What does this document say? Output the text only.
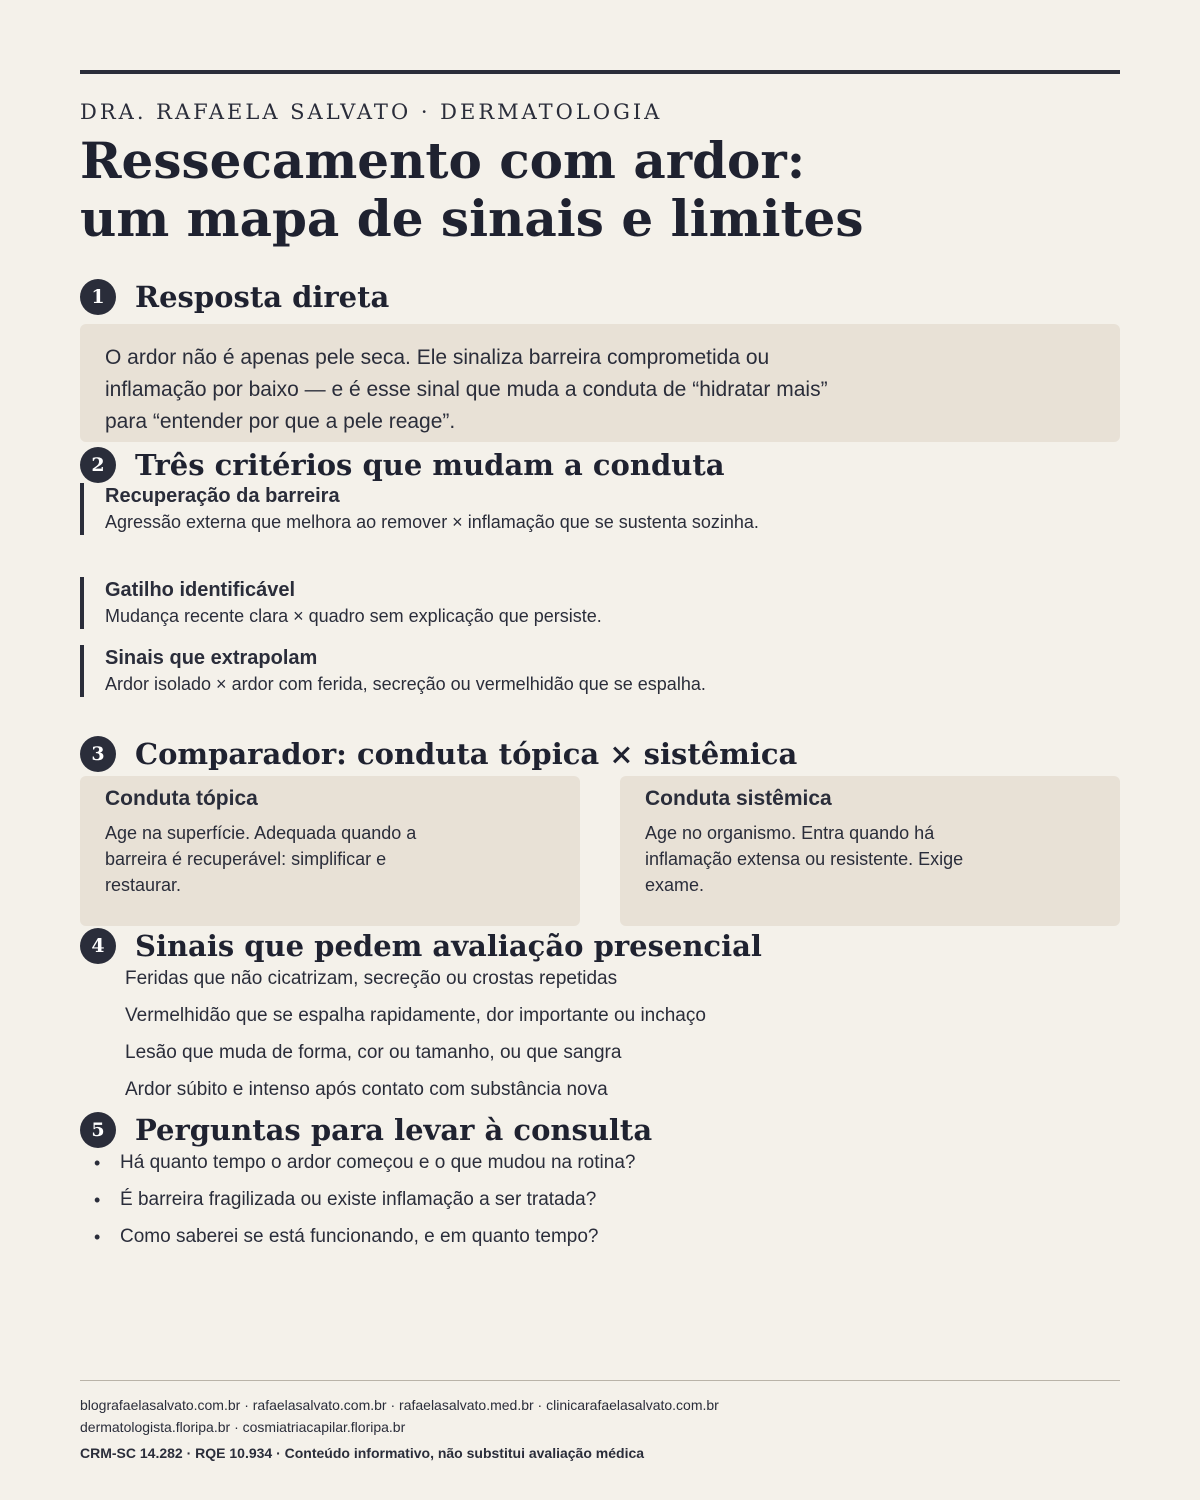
DRA. RAFAELA SALVATO · DERMATOLOGIA
Ressecamento com ardor:
um mapa de sinais e limites
1	Resposta direta

O ardor não é apenas pele seca. Ele sinaliza barreira comprometida ou inflamação por baixo — e é esse sinal que muda a conduta de “hidratar mais” para “entender por que a pele reage”.

2	Três critérios que mudam a conduta
Recuperação da barreira
Agressão externa que melhora ao remover × inflamação que se sustenta sozinha.
Gatilho identificável
Mudança recente clara × quadro sem explicação que persiste.
Sinais que extrapolam
Ardor isolado × ardor com ferida, secreção ou vermelhidão que se espalha.
3	Comparador: conduta tópica × sistêmica
Conduta tópica
Age na superfície. Adequada quando a barreira é recuperável: simplificar e restaurar.
Conduta sistêmica
Age no organismo. Entra quando há inflamação extensa ou resistente. Exige exame.
4	Sinais que pedem avaliação presencial
Feridas que não cicatrizam, secreção ou crostas repetidas
Vermelhidão que se espalha rapidamente, dor importante ou inchaço
Lesão que muda de forma, cor ou tamanho, ou que sangra
Ardor súbito e intenso após contato com substância nova
5	Perguntas para levar à consulta
•	Há quanto tempo o ardor começou e o que mudou na rotina?
•	É barreira fragilizada ou existe inflamação a ser tratada?
•	Como saberei se está funcionando, e em quanto tempo?
blografaelasalvato.com.br · rafaelasalvato.com.br · rafaelasalvato.med.br · clinicarafaelasalvato.com.br
dermatologista.floripa.br · cosmiatriacapilar.floripa.br
CRM-SC 14.282 · RQE 10.934 · Conteúdo informativo, não substitui avaliação médica
